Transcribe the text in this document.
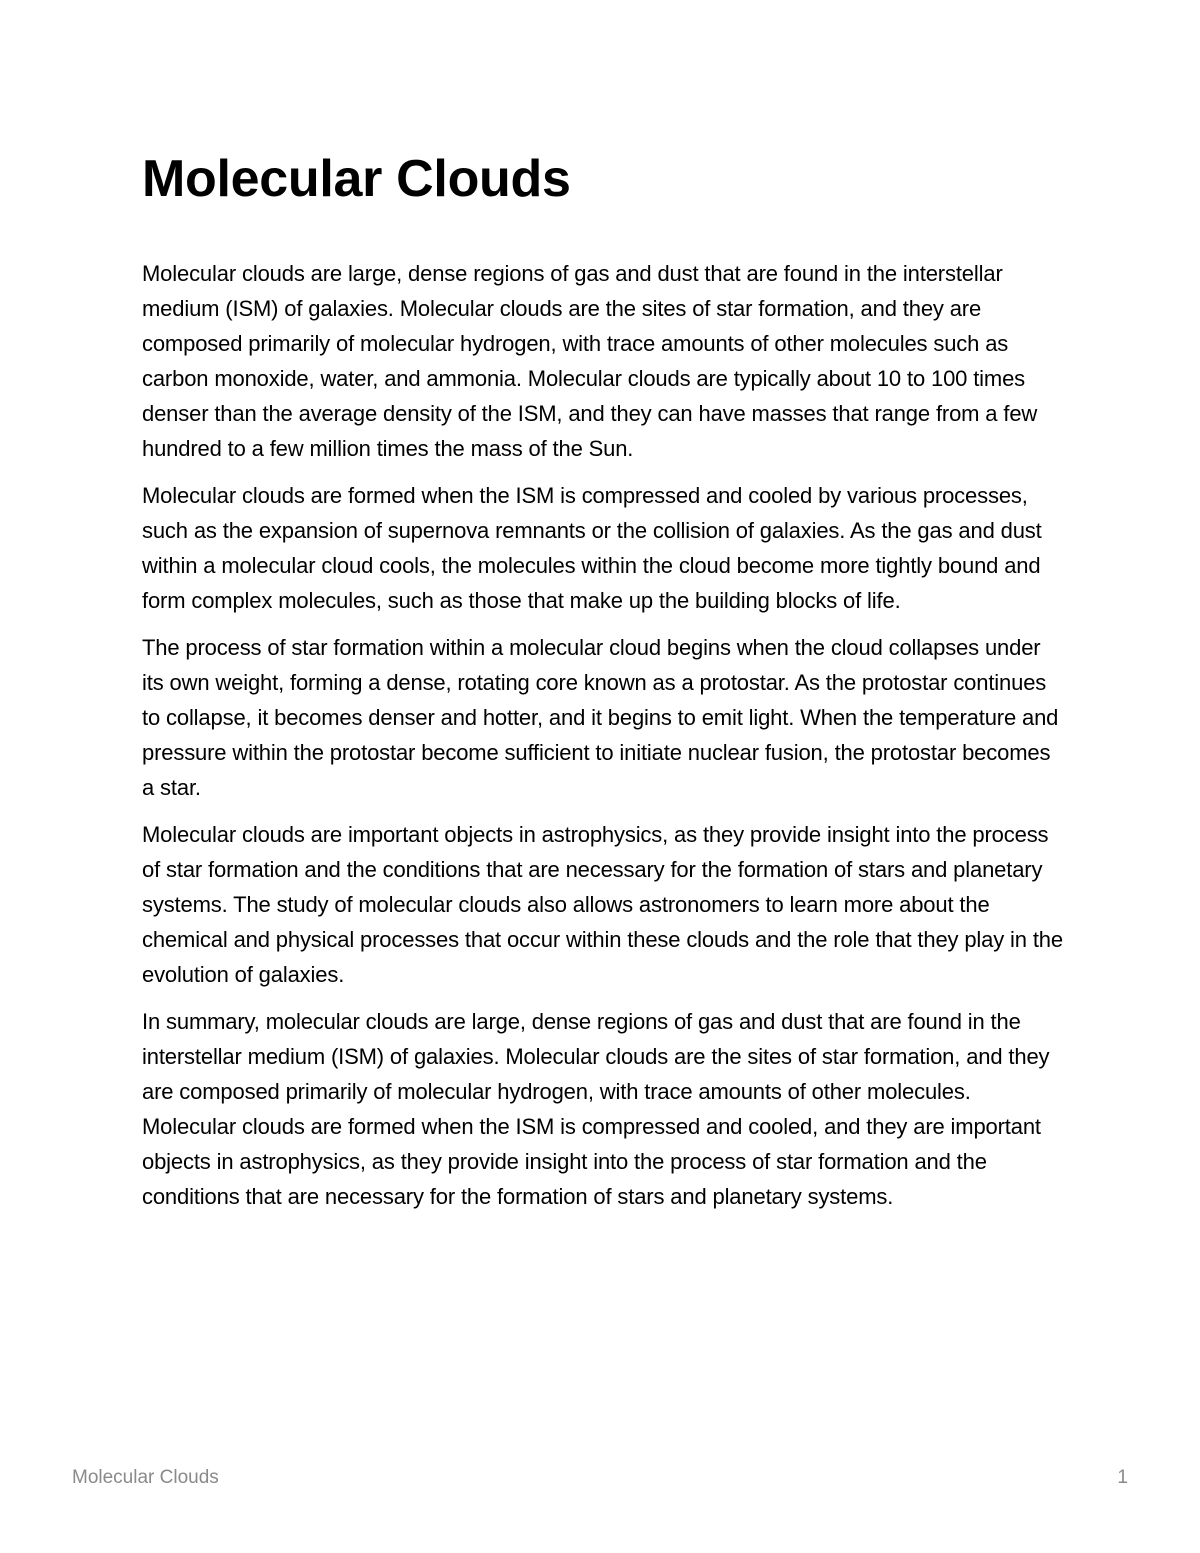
Molecular Clouds

Molecular clouds are large, dense regions of gas and dust that are found in the interstellar medium (ISM) of galaxies. Molecular clouds are the sites of star formation, and they are composed primarily of molecular hydrogen, with trace amounts of other molecules such as carbon monoxide, water, and ammonia. Molecular clouds are typically about 10 to 100 times denser than the average density of the ISM, and they can have masses that range from a few hundred to a few million times the mass of the Sun.

Molecular clouds are formed when the ISM is compressed and cooled by various processes, such as the expansion of supernova remnants or the collision of galaxies. As the gas and dust within a molecular cloud cools, the molecules within the cloud become more tightly bound and form complex molecules, such as those that make up the building blocks of life.

The process of star formation within a molecular cloud begins when the cloud collapses under its own weight, forming a dense, rotating core known as a protostar. As the protostar continues to collapse, it becomes denser and hotter, and it begins to emit light. When the temperature and pressure within the protostar become sufficient to initiate nuclear fusion, the protostar becomes a star.

Molecular clouds are important objects in astrophysics, as they provide insight into the process of star formation and the conditions that are necessary for the formation of stars and planetary systems. The study of molecular clouds also allows astronomers to learn more about the chemical and physical processes that occur within these clouds and the role that they play in the evolution of galaxies.

In summary, molecular clouds are large, dense regions of gas and dust that are found in the interstellar medium (ISM) of galaxies. Molecular clouds are the sites of star formation, and they are composed primarily of molecular hydrogen, with trace amounts of other molecules. Molecular clouds are formed when the ISM is compressed and cooled, and they are important objects in astrophysics, as they provide insight into the process of star formation and the conditions that are necessary for the formation of stars and planetary systems.

Molecular Clouds	1
